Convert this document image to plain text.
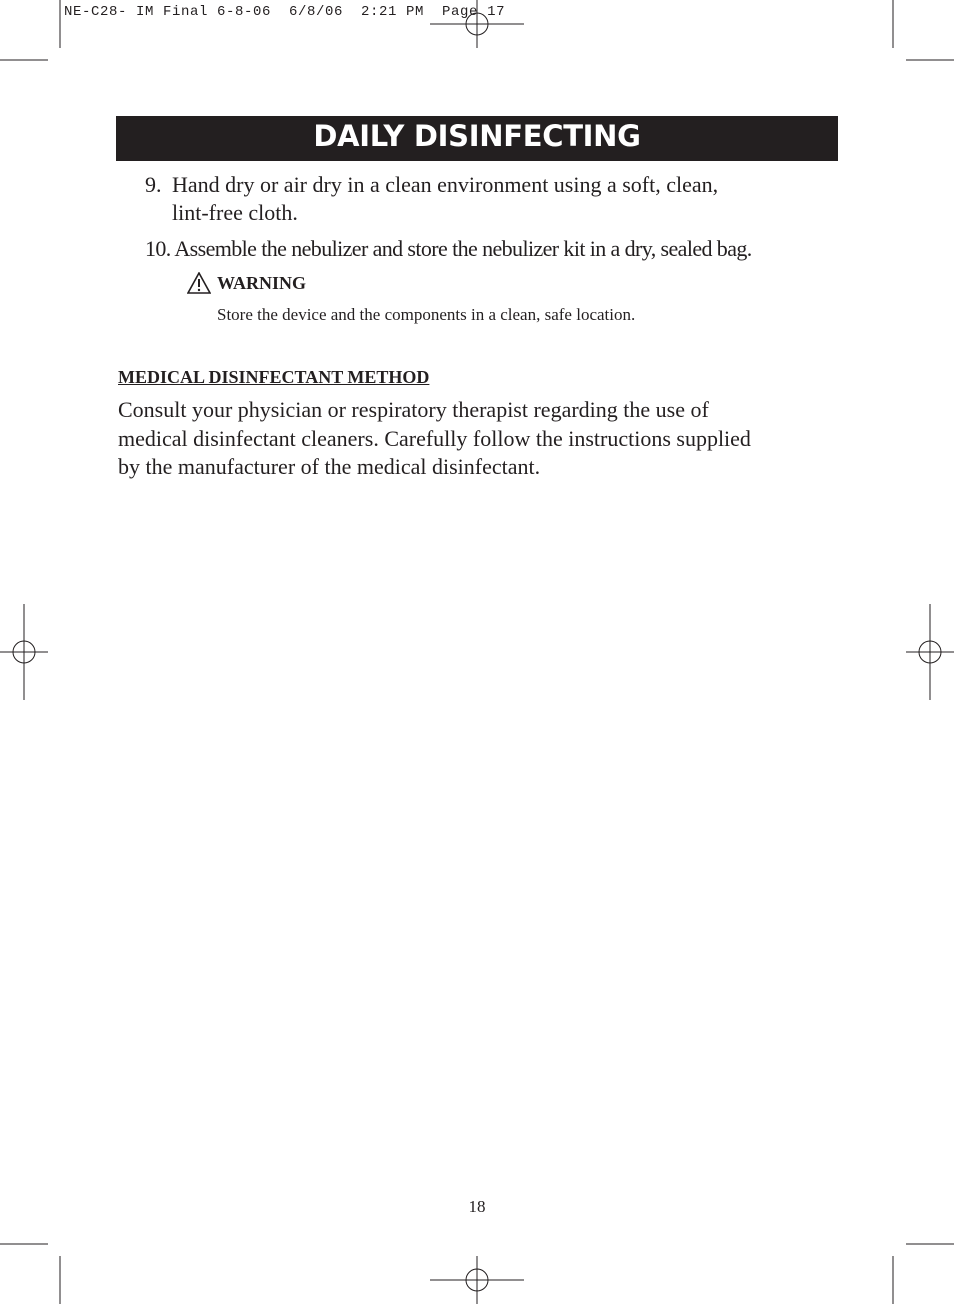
NE-C28- IM Final 6-8-06  6/8/06  2:21 PM  Page 17
DAILY DISINFECTING
9. Hand dry or air dry in a clean environment using a soft, clean,
lint-free cloth.
10. Assemble the nebulizer and store the nebulizer kit in a dry, sealed bag.
WARNING
Store the device and the components in a clean, safe location.
MEDICAL DISINFECTANT METHOD
Consult your physician or respiratory therapist regarding the use of
medical disinfectant cleaners. Carefully follow the instructions supplied
by the manufacturer of the medical disinfectant.
18
